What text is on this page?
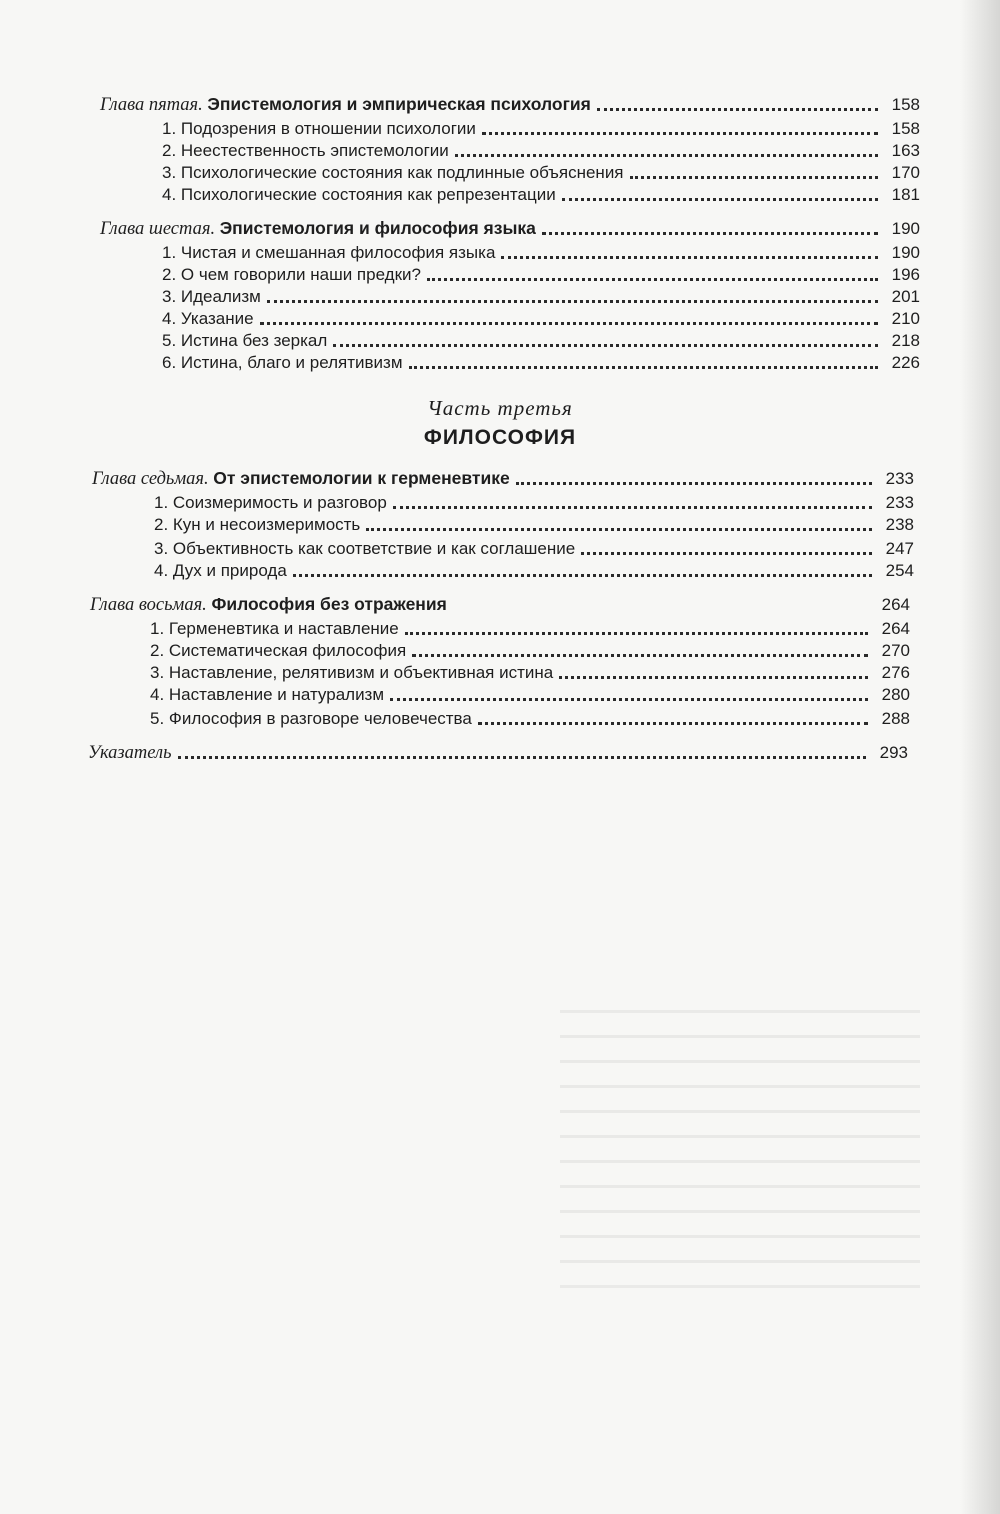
Глава пятая. Эпистемология и эмпирическая психология	158
1. Подозрения в отношении психологии	158
2. Неестественность эпистемологии	163
3. Психологические состояния как подлинные объяснения	170
4. Психологические состояния как репрезентации	181
Глава шестая. Эпистемология и философия языка	190
1. Чистая и смешанная философия языка	190
2. О чем говорили наши предки?	196
3. Идеализм	201
4. Указание	210
5. Истина без зеркал	218
6. Истина, благо и релятивизм	226
Часть третья
ФИЛОСОФИЯ
Глава седьмая. От эпистемологии к герменевтике	233
1. Соизмеримость и разговор	233
2. Кун и несоизмеримость	238
3. Объективность как соответствие и как соглашение	247
4. Дух и природа	254
Глава восьмая. Философия без отражения	264
1. Герменевтика и наставление	264
2. Систематическая философия	270
3. Наставление, релятивизм и объективная истина	276
4. Наставление и натурализм	280
5. Философия в разговоре человечества	288
Указатель	293
